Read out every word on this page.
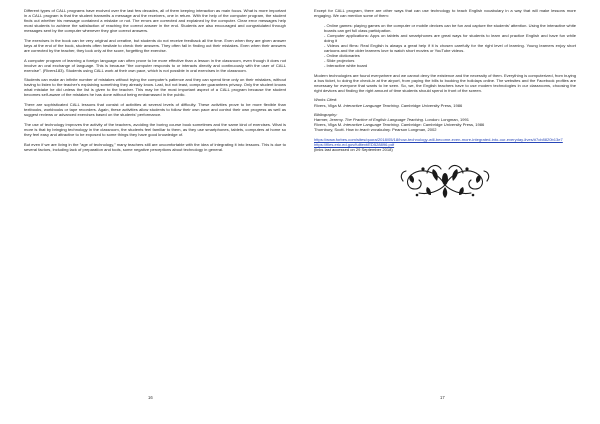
Different types of CALL programs have evolved over the last few decades, all of them keeping interaction as main focus. What is more important in a CALL program is that the student transmits a message and the receivers, one in return. With the help of the computer program, the student finds out whether his message contained a mistake or not. The errors are corrected and explained by the computer. Clear error messages help most students to achieve the satisfaction of reaching the correct answer in the end. Students are also encouraged and congratulated through messages sent by the computer whenever they give correct answers.

The exercises in the book can be very original and creative, but students do not receive feedback all the time. Even when they are given answer keys at the end of the book, students often hesitate to check their answers. They often fail in finding out their mistakes. Even when their answers are corrected by the teacher, they look only at the score, forgetting the exercise.

A computer program of learning a foreign language can often prove to be more effective than a lesson in the classroom, even though it does not involve an oral exchange of language. This is because "the computer responds to or interacts directly and continuously with the user of CALL exercise". (Rivers183). Students using CALL work at their own pace, which is not possible in oral exercises in the classroom.

Students can make an infinite number of mistakes without trying the computer's patience and they can spend time only on their mistakes, without having to listen to the teacher's explaining something they already know. Last, but not least, computer guarantees privacy. Only the student knows what mistake he did unless the list is given to the teacher. This may be the most important aspect of a CALL program because the student becomes self-aware of the mistakes he has done without being embarrassed in the public.

There are sophisticated CALL lessons that consist of activities at several levels of difficulty. These activities prove to be more flexible than textbooks, workbooks or tape recorders. Again, these activities allow students to follow their own pace and control their own progress as well as suggest reviews or advanced exercises based on the students' performance.

The use of technology improves the activity of the teachers, avoiding the boring course book sometimes and the same kind of exercises. What is more is that by bringing technology in the classroom, the students feel familiar to them, as they use smartphones, tablets, computers at home so they feel easy and attractive to be exposed to some things they have good knowledge of.

But even if we are living in the "age of technology," many teachers still are uncomfortable with the idea of integrating it into lessons. This is due to several factors, including lack of preparation and tools, some negative perceptions about technology in general.

16

Except for CALL program, there are other ways that can use technology to teach English vocabulary in a way that will make lessons more engaging. We can mention some of them:

- Online games: playing games on the computer or mobile devices can be fun and capture the students' attention. Using the interactive white boards can get full class participation.

- Computer applications: Apps on tablets and smartphones are great ways for students to learn and practice English and have fun while doing it

- Videos and films: Real English is always a great help if it is chosen carefully for the right level of learning. Young learners enjoy short cartoons and the older learners love to watch short movies or YouTube videos.

- Online dictionaries

- Slide projectors

- Interactive white board

Modern technologies are found everywhere and we cannot deny the existence and the necessity of them. Everything is computerized, from buying a bus ticket, to doing the check-in at the airport, from paying the bills to booking the holidays online. The websites and the Facebook profiles are necessary for everyone that wants to be seen. So, we, the English teachers have to use modern technologies in our classrooms, choosing the right devices and finding the right amount of time students should spend in front of the screen.

Works Cited:

Rivers, Vilga M. Interactive Language Teaching. Cambridge University Press, 1986

Bibliography:

Harmer, Jeremy. The Practice of English Language Teaching. London: Longman, 1991

Rivers, Vilga M. Interactive Language Teaching. Cambridge: Cambridge University Press, 1986

Thornbury, Scott. How to teach vocabulary. Pearson Longman, 2002

https://www.forbes.com/sites/quora/2018/05/18/how-technology-will-become-even-more-integrated-into-our-everyday-lives/#7cb8820b13e7

https://files.eric.ed.gov/fulltext/ED528896.pdf

(links last accessed on 29 September 2018)

17
